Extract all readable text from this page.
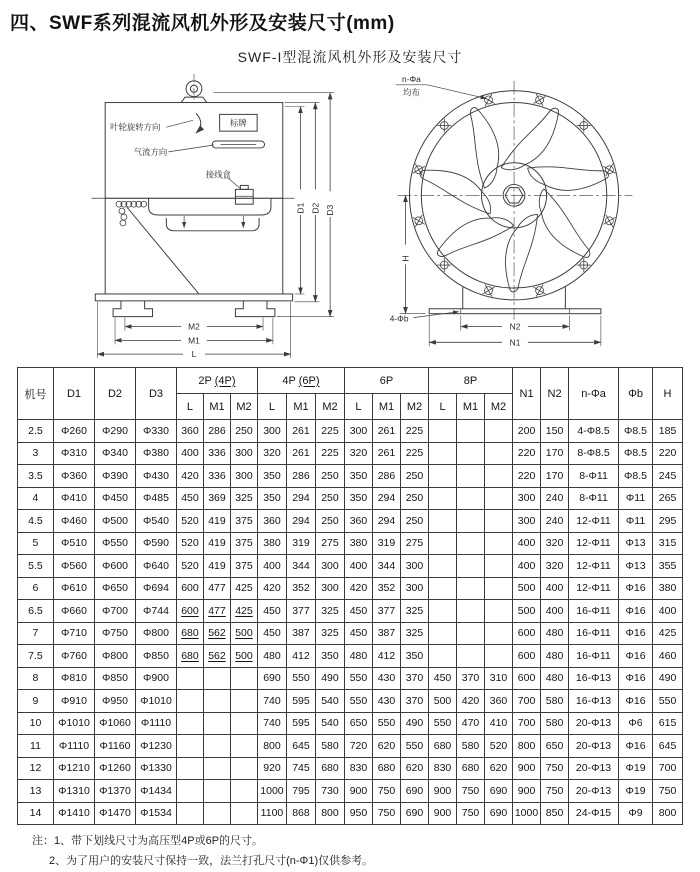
四、SWF系列混流风机外形及安装尺寸(mm)
SWF-I型混流风机外形及安装尺寸
叶轮旋转方向	标牌
气流方向
接线盒
M2
M1
L
D1 D2 D3
n-Φa
均布
4-Φb
H
N2
N1
机号	D1	D2	D3	2P (4P)			4P (6P)			6P			8P			N1	N2	n-Φa	Φb	H
				L	M1	M2	L	M1	M2	L	M1	M2	L	M1	M2					
2.5	Φ260	Φ290	Φ330	360	286	250	300	261	225	300	261	225				200	150	4-Φ8.5	Φ8.5	185
3	Φ310	Φ340	Φ380	400	336	300	320	261	225	320	261	225				220	170	8-Φ8.5	Φ8.5	220
3.5	Φ360	Φ390	Φ430	420	336	300	350	286	250	350	286	250				220	170	8-Φ11	Φ8.5	245
4	Φ410	Φ450	Φ485	450	369	325	350	294	250	350	294	250				300	240	8-Φ11	Φ11	265
4.5	Φ460	Φ500	Φ540	520	419	375	360	294	250	360	294	250				300	240	12-Φ11	Φ11	295
5	Φ510	Φ550	Φ590	520	419	375	380	319	275	380	319	275				400	320	12-Φ11	Φ13	315
5.5	Φ560	Φ600	Φ640	520	419	375	400	344	300	400	344	300				400	320	12-Φ11	Φ13	355
6	Φ610	Φ650	Φ694	600	477	425	420	352	300	420	352	300				500	400	12-Φ11	Φ16	380
6.5	Φ660	Φ700	Φ744	600	477	425	450	377	325	450	377	325				500	400	16-Φ11	Φ16	400
7	Φ710	Φ750	Φ800	680	562	500	450	387	325	450	387	325				600	480	16-Φ11	Φ16	425
7.5	Φ760	Φ800	Φ850	680	562	500	480	412	350	480	412	350				600	480	16-Φ11	Φ16	460
8	Φ810	Φ850	Φ900				690	550	490	550	430	370	450	370	310	600	480	16-Φ13	Φ16	490
9	Φ910	Φ950	Φ1010				740	595	540	550	430	370	500	420	360	700	580	16-Φ13	Φ16	550
10	Φ1010	Φ1060	Φ1110				740	595	540	650	550	490	550	470	410	700	580	20-Φ13	Φ6	615
11	Φ1110	Φ1160	Φ1230				800	645	580	720	620	550	680	580	520	800	650	20-Φ13	Φ16	645
12	Φ1210	Φ1260	Φ1330				920	745	680	830	680	620	830	680	620	900	750	20-Φ13	Φ19	700
13	Φ1310	Φ1370	Φ1434				1000	795	730	900	750	690	900	750	690	900	750	20-Φ13	Φ19	750
14	Φ1410	Φ1470	Φ1534				1100	868	800	950	750	690	900	750	690	1000	850	24-Φ15	Φ9	800
注：1、带下划线尺寸为高压型4P或6P的尺寸。
2、为了用户的安装尺寸保持一致，法兰打孔尺寸(n-Φ1)仅供参考。
